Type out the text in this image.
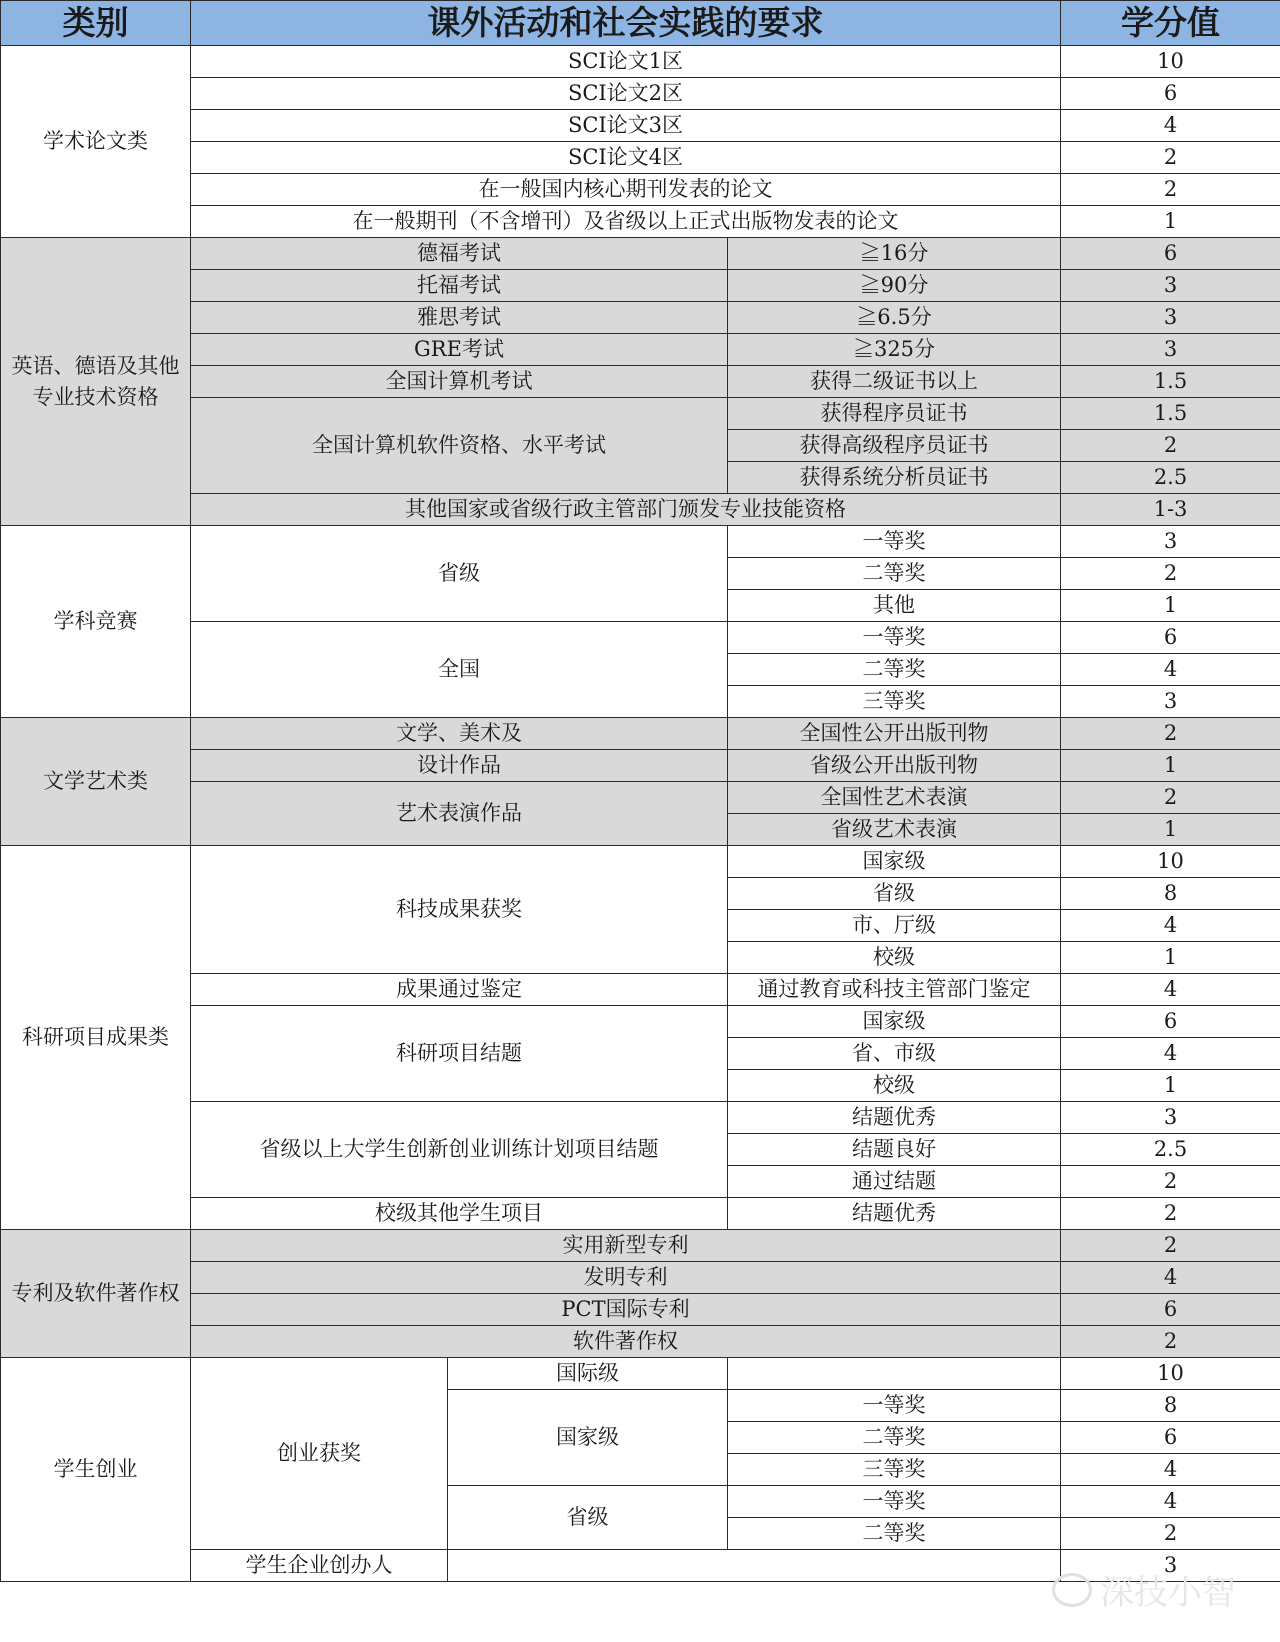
类别	课外活动和社会实践的要求			学分值
学术论文类	SCI论文1区			10
	SCI论文2区			6
	SCI论文3区			4
	SCI论文4区			2
	在一般国内核心期刊发表的论文			2
	在一般期刊（不含增刊）及省级以上正式出版物发表的论文			1
英语、德语及其他专业技术资格	德福考试		≧16分	6
	托福考试		≧90分	3
	雅思考试		≧6.5分	3
	GRE考试		≧325分	3
	全国计算机考试		获得二级证书以上	1.5
	全国计算机软件资格、水平考试		获得程序员证书	1.5
			获得高级程序员证书	2
			获得系统分析员证书	2.5
	其他国家或省级行政主管部门颁发专业技能资格			1-3
学科竞赛	省级		一等奖	3
			二等奖	2
			其他	1
	全国		一等奖	6
			二等奖	4
			三等奖	3
文学艺术类	文学、美术及		全国性公开出版刊物	2
	设计作品		省级公开出版刊物	1
	艺术表演作品		全国性艺术表演	2
			省级艺术表演	1
科研项目成果类	科技成果获奖		国家级	10
			省级	8
			市、厅级	4
			校级	1
	成果通过鉴定		通过教育或科技主管部门鉴定	4
	科研项目结题		国家级	6
			省、市级	4
			校级	1
	省级以上大学生创新创业训练计划项目结题		结题优秀	3
			结题良好	2.5
			通过结题	2
	校级其他学生项目		结题优秀	2
专利及软件著作权	实用新型专利			2
	发明专利			4
	PCT国际专利			6
	软件著作权			2
学生创业	创业获奖	国际级		10
		国家级	一等奖	8
			二等奖	6
			三等奖	4
		省级	一等奖	4
			二等奖	2
	学生企业创办人			3
深技小智
